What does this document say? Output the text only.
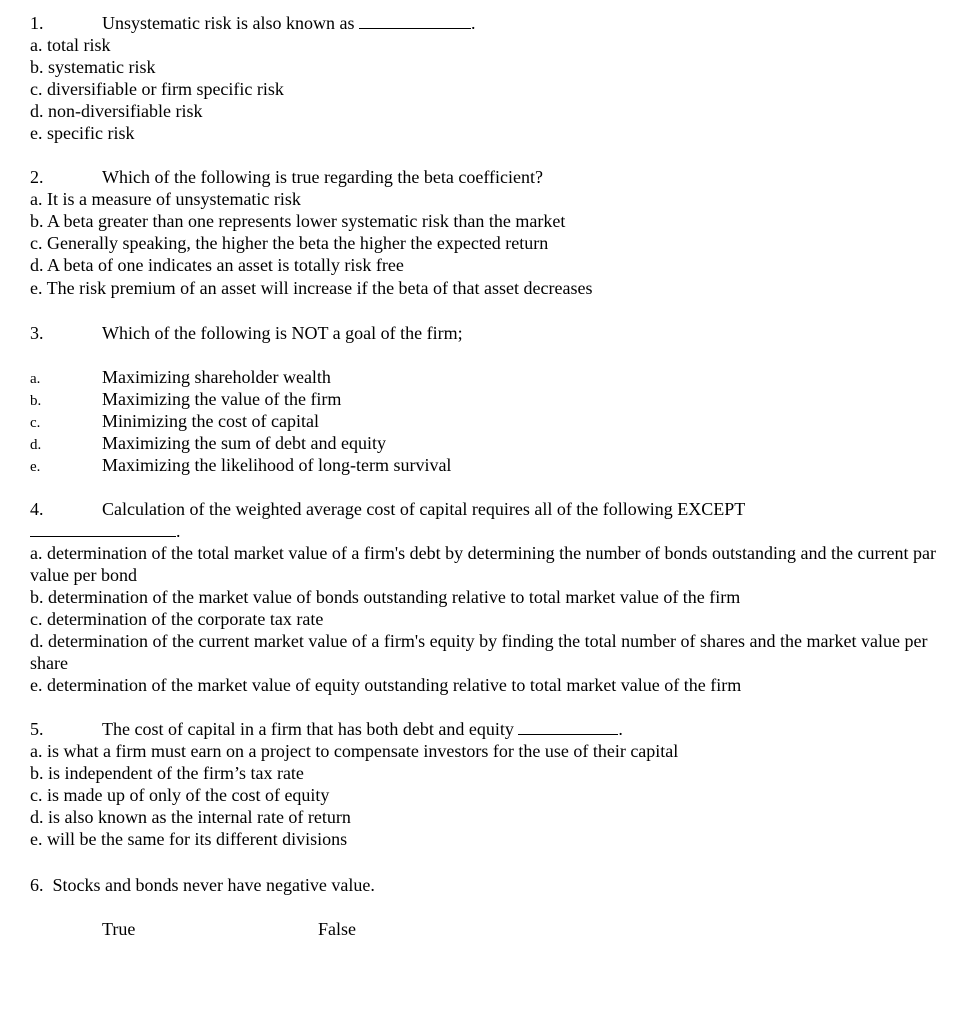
1.	Unsystematic risk is also known as	.
a. total risk
b. systematic risk
c. diversifiable or firm specific risk
d. non-diversifiable risk
e. specific risk
2.	Which of the following is true regarding the beta coefficient?
a. It is a measure of unsystematic risk
b. A beta greater than one represents lower systematic risk than the market
c. Generally speaking, the higher the beta the higher the expected return
d. A beta of one indicates an asset is totally risk free
e. The risk premium of an asset will increase if the beta of that asset decreases
3.	Which of the following is NOT a goal of the firm;
a.	Maximizing shareholder wealth
b.	Maximizing the value of the firm
c.	Minimizing the cost of capital
d.	Maximizing the sum of debt and equity
e.	Maximizing the likelihood of long-term survival
4.	Calculation of the weighted average cost of capital requires all of the following EXCEPT
.
a. determination of the total market value of a firm's debt by determining the number of bonds outstanding and the current par value per bond
b. determination of the market value of bonds outstanding relative to total market value of the firm
c. determination of the corporate tax rate
d. determination of the current market value of a firm's equity by finding the total number of shares and the market value per share
e. determination of the market value of equity outstanding relative to total market value of the firm
5.	The cost of capital in a firm that has both debt and equity	.
a. is what a firm must earn on a project to compensate investors for the use of their capital
b. is independent of the firm’s tax rate
c. is made up of only of the cost of equity
d. is also known as the internal rate of return
e. will be the same for its different divisions
6. Stocks and bonds never have negative value.
True	False
